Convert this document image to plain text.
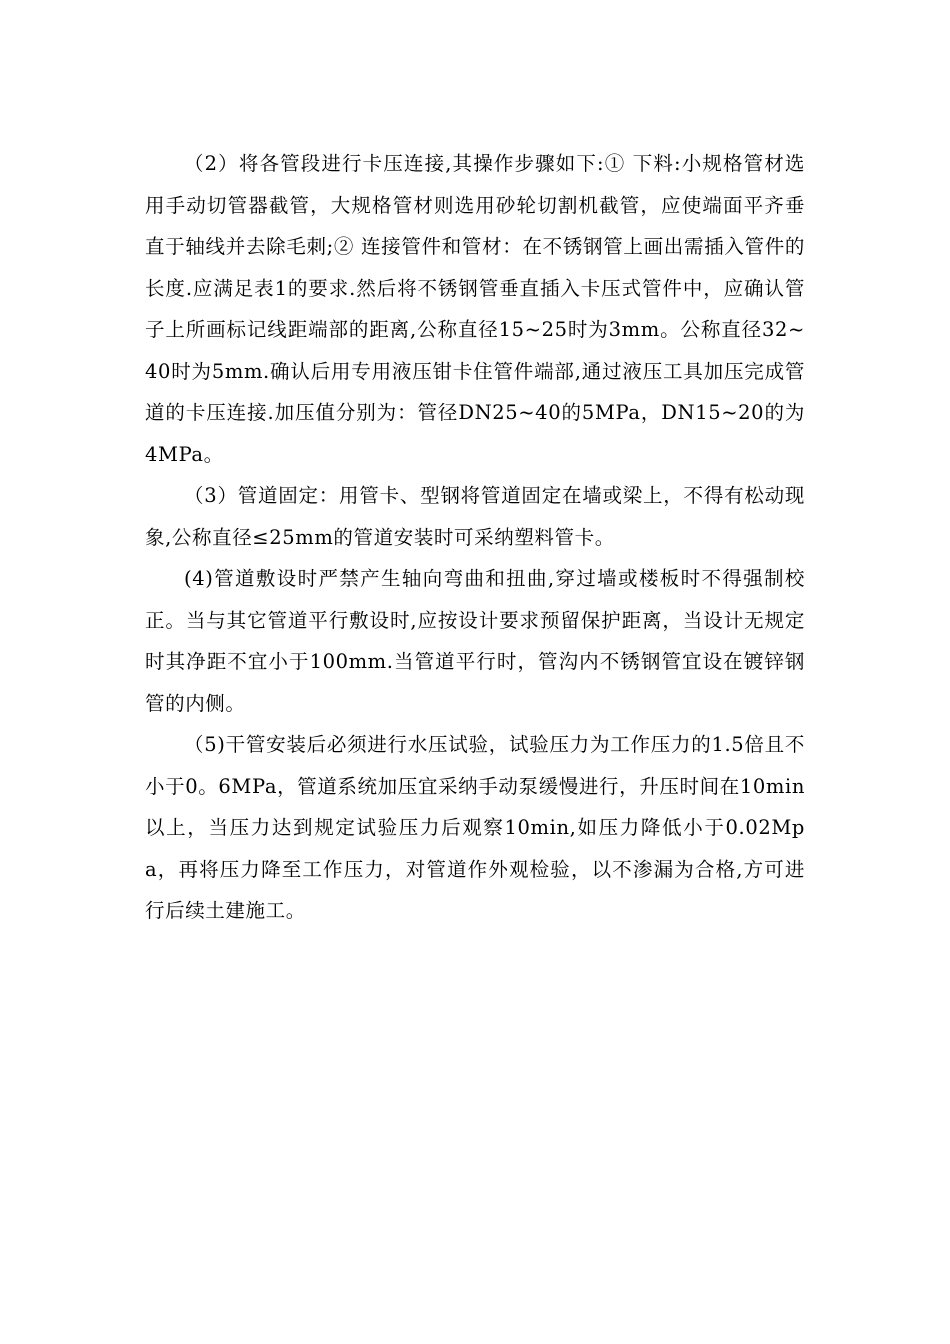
（2）将各管段进行卡压连接,其操作步骤如下:① 下料:小规格管材选用手动切管器截管，大规格管材则选用砂轮切割机截管，应使端面平齐垂直于轴线并去除毛刺;② 连接管件和管材：在不锈钢管上画出需插入管件的长度.应满足表1的要求.然后将不锈钢管垂直插入卡压式管件中，应确认管子上所画标记线距端部的距离,公称直径15~25时为3mm。公称直径32~40时为5mm.确认后用专用液压钳卡住管件端部,通过液压工具加压完成管道的卡压连接.加压值分别为：管径DN25~40的5MPa，DN15~20的为4MPa。

（3）管道固定：用管卡、型钢将管道固定在墙或梁上，不得有松动现象,公称直径≤25mm的管道安装时可采纳塑料管卡。

(4)管道敷设时严禁产生轴向弯曲和扭曲,穿过墙或楼板时不得强制校正。当与其它管道平行敷设时,应按设计要求预留保护距离，当设计无规定时其净距不宜小于100mm.当管道平行时，管沟内不锈钢管宜设在镀锌钢管的内侧。

（5)干管安装后必须进行水压试验，试验压力为工作压力的1.5倍且不小于0。6MPa，管道系统加压宜采纳手动泵缓慢进行，升压时间在10min以上，当压力达到规定试验压力后观察10min,如压力降低小于0.02Mpa，再将压力降至工作压力，对管道作外观检验，以不渗漏为合格,方可进行后续土建施工。
